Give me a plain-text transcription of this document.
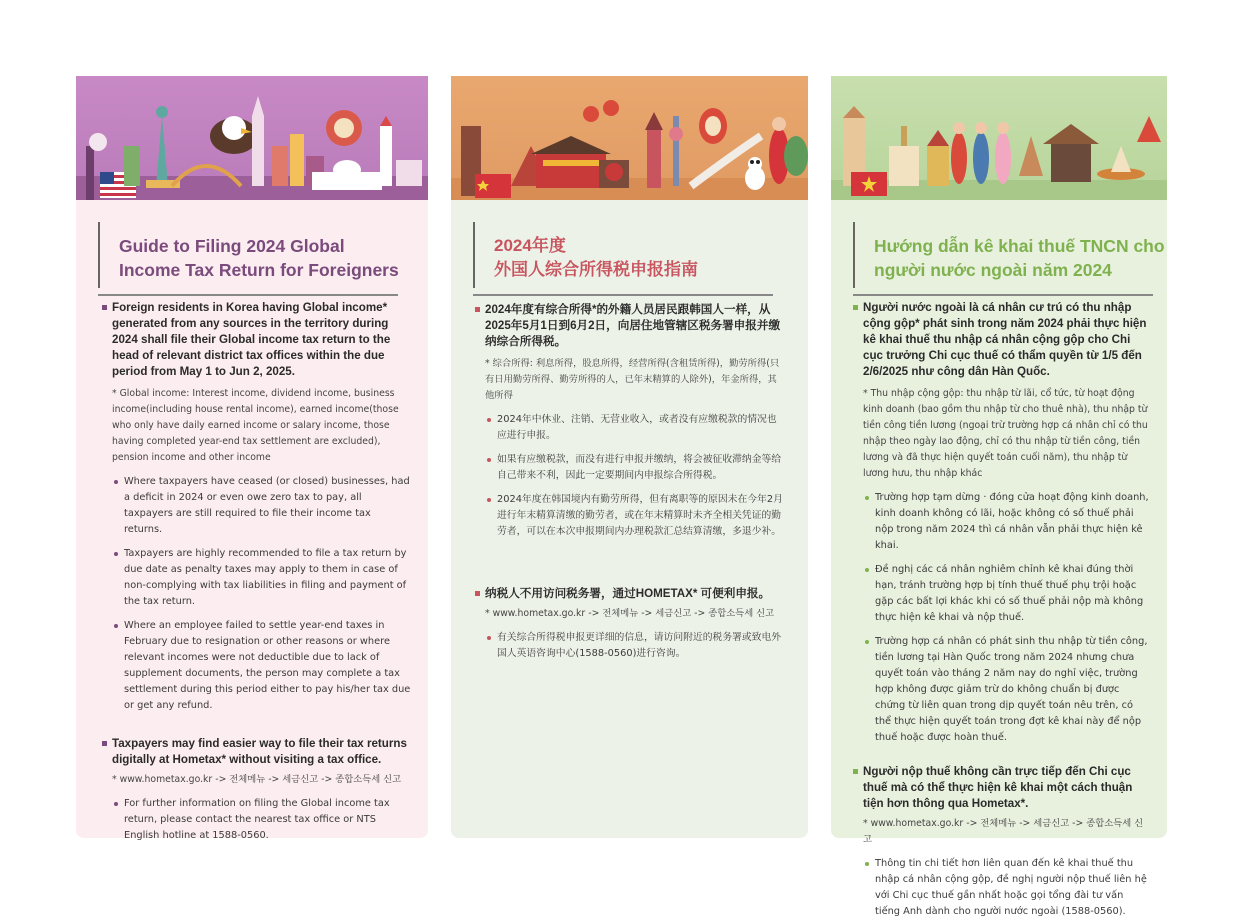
Guide to Filing 2024 Global
Income Tax Return for Foreigners
Foreign residents in Korea having Global income* generated from any sources in the territory during 2024 shall file their Global income tax return to the head of relevant district tax offices within the due period from May 1 to Jun 2, 2025.
* Global income: Interest income, dividend income, business income(including house rental income), earned income(those who only have daily earned income or salary income, those having completed year-end tax settlement are excluded), pension income and other income
Where taxpayers have ceased (or closed) businesses, had a deficit in 2024 or even owe zero tax to pay, all taxpayers are still required to file their income tax returns.
Taxpayers are highly recommended to file a tax return by due date as penalty taxes may apply to them in case of non-complying with tax liabilities in filing and payment of the tax return.
Where an employee failed to settle year-end taxes in February due to resignation or other reasons or where relevant incomes were not deductible due to lack of supplement documents, the person may complete a tax settlement during this period either to pay his/her tax due or get any refund.
Taxpayers may find easier way to file their tax returns digitally at Hometax* without visiting a tax office.
* www.hometax.go.kr -> 전체메뉴 -> 세금신고 -> 종합소득세 신고
For further information on filing the Global income tax return, please contact the nearest tax office or NTS English hotline at 1588-0560.
2024年度
外国人综合所得税申报指南
2024年度有综合所得*的外籍人员居民跟韩国人一样，从2025年5月1日到6月2日，向居住地管辖区税务署申报并缴纳综合所得税。
* 综合所得: 利息所得，股息所得，经营所得(含租赁所得)，勤劳所得(只有日用勤劳所得、勤劳所得的人，已年末精算的人除外)，年金所得，其他所得
2024年中休业、注销、无营业收入，或者没有应缴税款的情况也应进行申报。
如果有应缴税款，而没有进行申报并缴纳，将会被征收滞纳金等给自己带来不利，因此一定要期间内申报综合所得税。
2024年度在韩国境内有勤劳所得，但有离职等的原因未在今年2月进行年末精算清缴的勤劳者，或在年末精算时未齐全相关凭证的勤劳者，可以在本次申报期间内办理税款汇总结算清缴，多退少补。
纳税人不用访问税务署，通过HOMETAX* 可便利申报。
* www.hometax.go.kr -> 전체메뉴 -> 세금신고 -> 종합소득세 신고
有关综合所得税申报更详细的信息，请访问附近的税务署或致电外国人英语咨询中心(1588-0560)进行咨询。
Hướng dẫn kê khai thuế TNCN cho
người nước ngoài năm 2024
Người nước ngoài là cá nhân cư trú có thu nhập cộng gộp* phát sinh trong năm 2024 phải thực hiện kê khai thuế thu nhập cá nhân cộng gộp cho Chi cục trưởng Chi cục thuế có thẩm quyền từ 1/5 đến 2/6/2025 như công dân Hàn Quốc.
* Thu nhập cộng gộp: thu nhập từ lãi, cổ tức, từ hoạt động kinh doanh (bao gồm thu nhập từ cho thuê nhà), thu nhập từ tiền công tiền lương (ngoại trừ trường hợp cá nhân chỉ có thu nhập theo ngày lao động, chỉ có thu nhập từ tiền công, tiền lương và đã thực hiện quyết toán cuối năm), thu nhập từ lương hưu, thu nhập khác
Trường hợp tạm dừng · đóng cửa hoạt động kinh doanh, kinh doanh không có lãi, hoặc không có số thuế phải nộp trong năm 2024 thì cá nhân vẫn phải thực hiện kê khai.
Đề nghị các cá nhân nghiêm chỉnh kê khai đúng thời hạn, tránh trường hợp bị tính thuế thuế phụ trội hoặc gặp các bất lợi khác khi có số thuế phải nộp mà không thực hiện kê khai và nộp thuế.
Trường hợp cá nhân có phát sinh thu nhập từ tiền công, tiền lương tại Hàn Quốc trong năm 2024 nhưng chưa quyết toán vào tháng 2 năm nay do nghỉ việc, trường hợp không được giảm trừ do không chuẩn bị được chứng từ liên quan trong dịp quyết toán nêu trên, có thể thực hiện quyết toán trong đợt kê khai này để nộp thuế hoặc được hoàn thuế.
Người nộp thuế không cần trực tiếp đến Chi cục thuế mà có thể thực hiện kê khai một cách thuận tiện hơn thông qua Hometax*.
* www.hometax.go.kr -> 전체메뉴 -> 세금신고 -> 종합소득세 신고
Thông tin chi tiết hơn liên quan đến kê khai thuế thu nhập cá nhân cộng gộp, đề nghị người nộp thuế liên hệ với Chi cục thuế gần nhất hoặc gọi tổng đài tư vấn tiếng Anh dành cho người nước ngoài (1588-0560).
